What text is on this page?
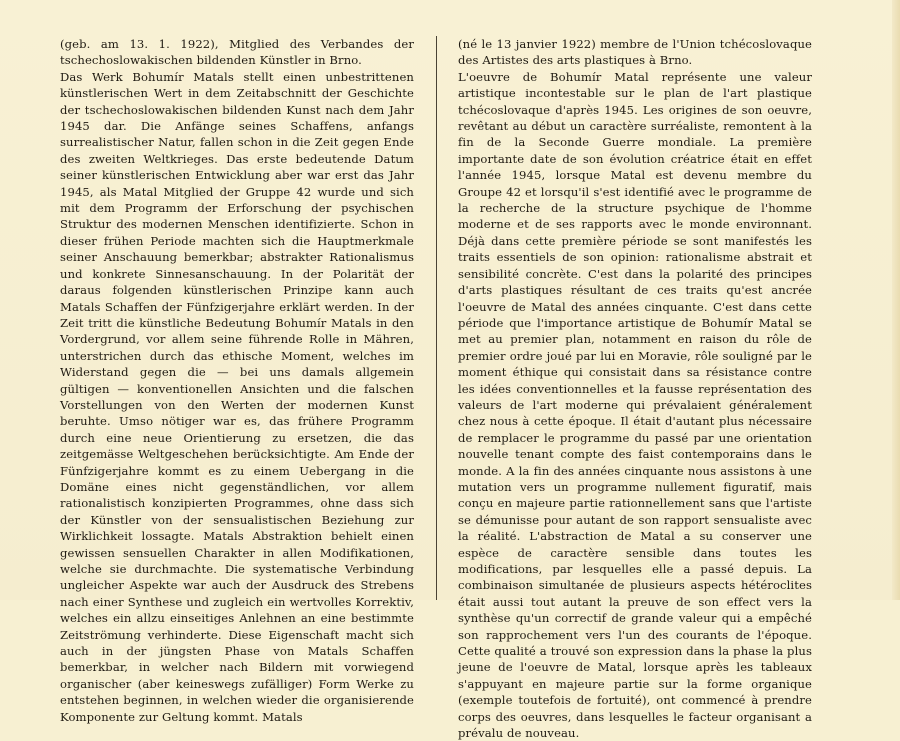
(geb. am 13. 1. 1922), Mitglied des Verbandes der tschechoslowakischen bildenden Künstler in Brno.

Das Werk Bohumír Matals stellt einen unbestrittenen künstlerischen Wert in dem Zeitabschnitt der Geschichte der tschechoslowakischen bildenden Kunst nach dem Jahr 1945 dar. Die Anfänge seines Schaffens, anfangs surrealistischer Natur, fallen schon in die Zeit gegen Ende des zweiten Weltkrieges. Das erste bedeutende Datum seiner künstlerischen Entwicklung aber war erst das Jahr 1945, als Matal Mitglied der Gruppe 42 wurde und sich mit dem Programm der Erforschung der psychischen Struktur des modernen Menschen identifizierte. Schon in dieser frühen Periode machten sich die Hauptmerkmale seiner Anschauung bemerkbar; abstrakter Rationalismus und konkrete Sinnesanschauung. In der Polarität der daraus folgenden künstlerischen Prinzipe kann auch Matals Schaffen der Fünfzigerjahre erklärt werden. In der Zeit tritt die künstliche Bedeutung Bohumír Matals in den Vordergrund, vor allem seine führende Rolle in Mähren, unterstrichen durch das ethische Moment, welches im Widerstand gegen die — bei uns damals allgemein gültigen — konventionellen Ansichten und die falschen Vorstellungen von den Werten der modernen Kunst beruhte. Umso nötiger war es, das frühere Programm durch eine neue Orientierung zu ersetzen, die das zeitgemässe Weltgeschehen berücksichtigte. Am Ende der Fünfzigerjahre kommt es zu einem Uebergang in die Domäne eines nicht gegenständlichen, vor allem rationalistisch konzipierten Programmes, ohne dass sich der Künstler von der sensualistischen Beziehung zur Wirklichkeit lossagte. Matals Abstraktion behielt einen gewissen sensuellen Charakter in allen Modifikationen, welche sie durchmachte. Die systematische Verbindung ungleicher Aspekte war auch der Ausdruck des Strebens nach einer Synthese und zugleich ein wertvolles Korrektiv, welches ein allzu einseitiges Anlehnen an eine bestimmte Zeitströmung verhinderte. Diese Eigenschaft macht sich auch in der jüngsten Phase von Matals Schaffen bemerkbar, in welcher nach Bildern mit vorwiegend organischer (aber keineswegs zufälliger) Form Werke zu entstehen beginnen, in welchen wieder die organisierende Komponente zur Geltung kommt. Matals

(né le 13 janvier 1922) membre de l'Union tchécoslovaque des Artistes des arts plastiques à Brno.

L'oeuvre de Bohumír Matal représente une valeur artistique incontestable sur le plan de l'art plastique tchécoslovaque d'après 1945. Les origines de son oeuvre, revêtant au début un caractère surréaliste, remontent à la fin de la Seconde Guerre mondiale. La première importante date de son évolution créatrice était en effet l'année 1945, lorsque Matal est devenu membre du Groupe 42 et lorsqu'il s'est identifié avec le programme de la recherche de la structure psychique de l'homme moderne et de ses rapports avec le monde environnant. Déjà dans cette première période se sont manifestés les traits essentiels de son opinion: rationalisme abstrait et sensibilité concrète. C'est dans la polarité des principes d'arts plastiques résultant de ces traits qu'est ancrée l'oeuvre de Matal des années cinquante. C'est dans cette période que l'importance artistique de Bohumír Matal se met au premier plan, notamment en raison du rôle de premier ordre joué par lui en Moravie, rôle souligné par le moment éthique qui consistait dans sa résistance contre les idées conventionnelles et la fausse représentation des valeurs de l'art moderne qui prévalaient généralement chez nous à cette époque. Il était d'autant plus nécessaire de remplacer le programme du passé par une orientation nouvelle tenant compte des faist contemporains dans le monde. A la fin des années cinquante nous assistons à une mutation vers un programme nullement figuratif, mais conçu en majeure partie rationnellement sans que l'artiste se démunisse pour autant de son rapport sensualiste avec la réalité. L'abstraction de Matal a su conserver une espèce de caractère sensible dans toutes les modifications, par lesquelles elle a passé depuis. La combinaison simultanée de plusieurs aspects hétéroclites était aussi tout autant la preuve de son effect vers la synthèse qu'un correctif de grande valeur qui a empêché son rapprochement vers l'un des courants de l'époque. Cette qualité a trouvé son expression dans la phase la plus jeune de l'oeuvre de Matal, lorsque après les tableaux s'appuyant en majeure partie sur la forme organique (exemple toutefois de fortuité), ont commencé à prendre corps des oeuvres, dans lesquelles le facteur organisant a prévalu de nouveau.
